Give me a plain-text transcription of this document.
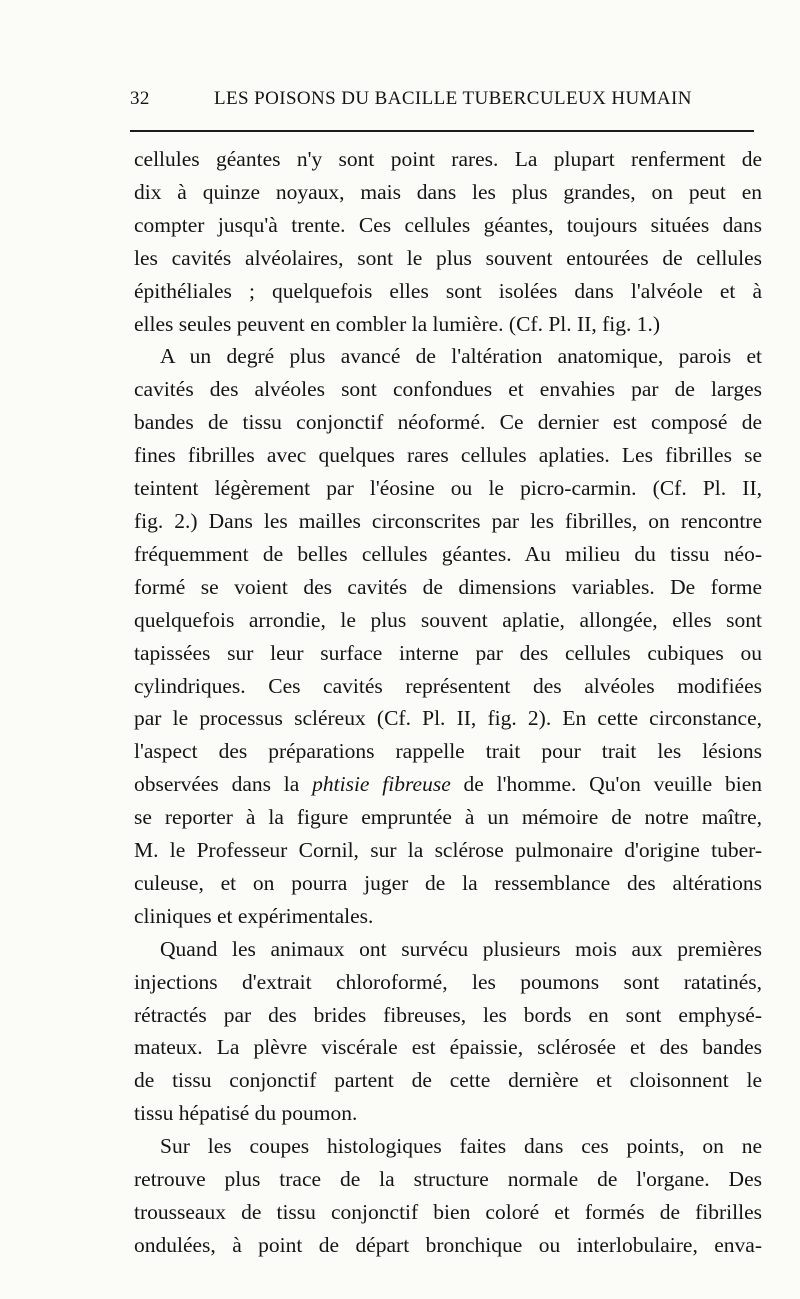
32	LES POISONS DU BACILLE TUBERCULEUX HUMAIN

cellules géantes n'y sont point rares. La plupart renferment de
dix à quinze noyaux, mais dans les plus grandes, on peut en
compter jusqu'à trente. Ces cellules géantes, toujours situées dans
les cavités alvéolaires, sont le plus souvent entourées de cellules
épithéliales ; quelquefois elles sont isolées dans l'alvéole et à
elles seules peuvent en combler la lumière. (Cf. Pl. II, fig. 1.)

A un degré plus avancé de l'altération anatomique, parois et
cavités des alvéoles sont confondues et envahies par de larges
bandes de tissu conjonctif néoformé. Ce dernier est composé de
fines fibrilles avec quelques rares cellules aplaties. Les fibrilles se
teintent légèrement par l'éosine ou le picro-carmin. (Cf. Pl. II,
fig. 2.) Dans les mailles circonscrites par les fibrilles, on rencontre
fréquemment de belles cellules géantes. Au milieu du tissu néo-
formé se voient des cavités de dimensions variables. De forme
quelquefois arrondie, le plus souvent aplatie, allongée, elles sont
tapissées sur leur surface interne par des cellules cubiques ou
cylindriques. Ces cavités représentent des alvéoles modifiées
par le processus scléreux (Cf. Pl. II, fig. 2). En cette circonstance,
l'aspect des préparations rappelle trait pour trait les lésions
observées dans la phtisie fibreuse de l'homme. Qu'on veuille bien
se reporter à la figure empruntée à un mémoire de notre maître,
M. le Professeur Cornil, sur la sclérose pulmonaire d'origine tuber-
culeuse, et on pourra juger de la ressemblance des altérations
cliniques et expérimentales.

Quand les animaux ont survécu plusieurs mois aux premières
injections d'extrait chloroformé, les poumons sont ratatinés,
rétractés par des brides fibreuses, les bords en sont emphysé-
mateux. La plèvre viscérale est épaissie, sclérosée et des bandes
de tissu conjonctif partent de cette dernière et cloisonnent le
tissu hépatisé du poumon.

Sur les coupes histologiques faites dans ces points, on ne
retrouve plus trace de la structure normale de l'organe. Des
trousseaux de tissu conjonctif bien coloré et formés de fibrilles
ondulées, à point de départ bronchique ou interlobulaire, enva-
